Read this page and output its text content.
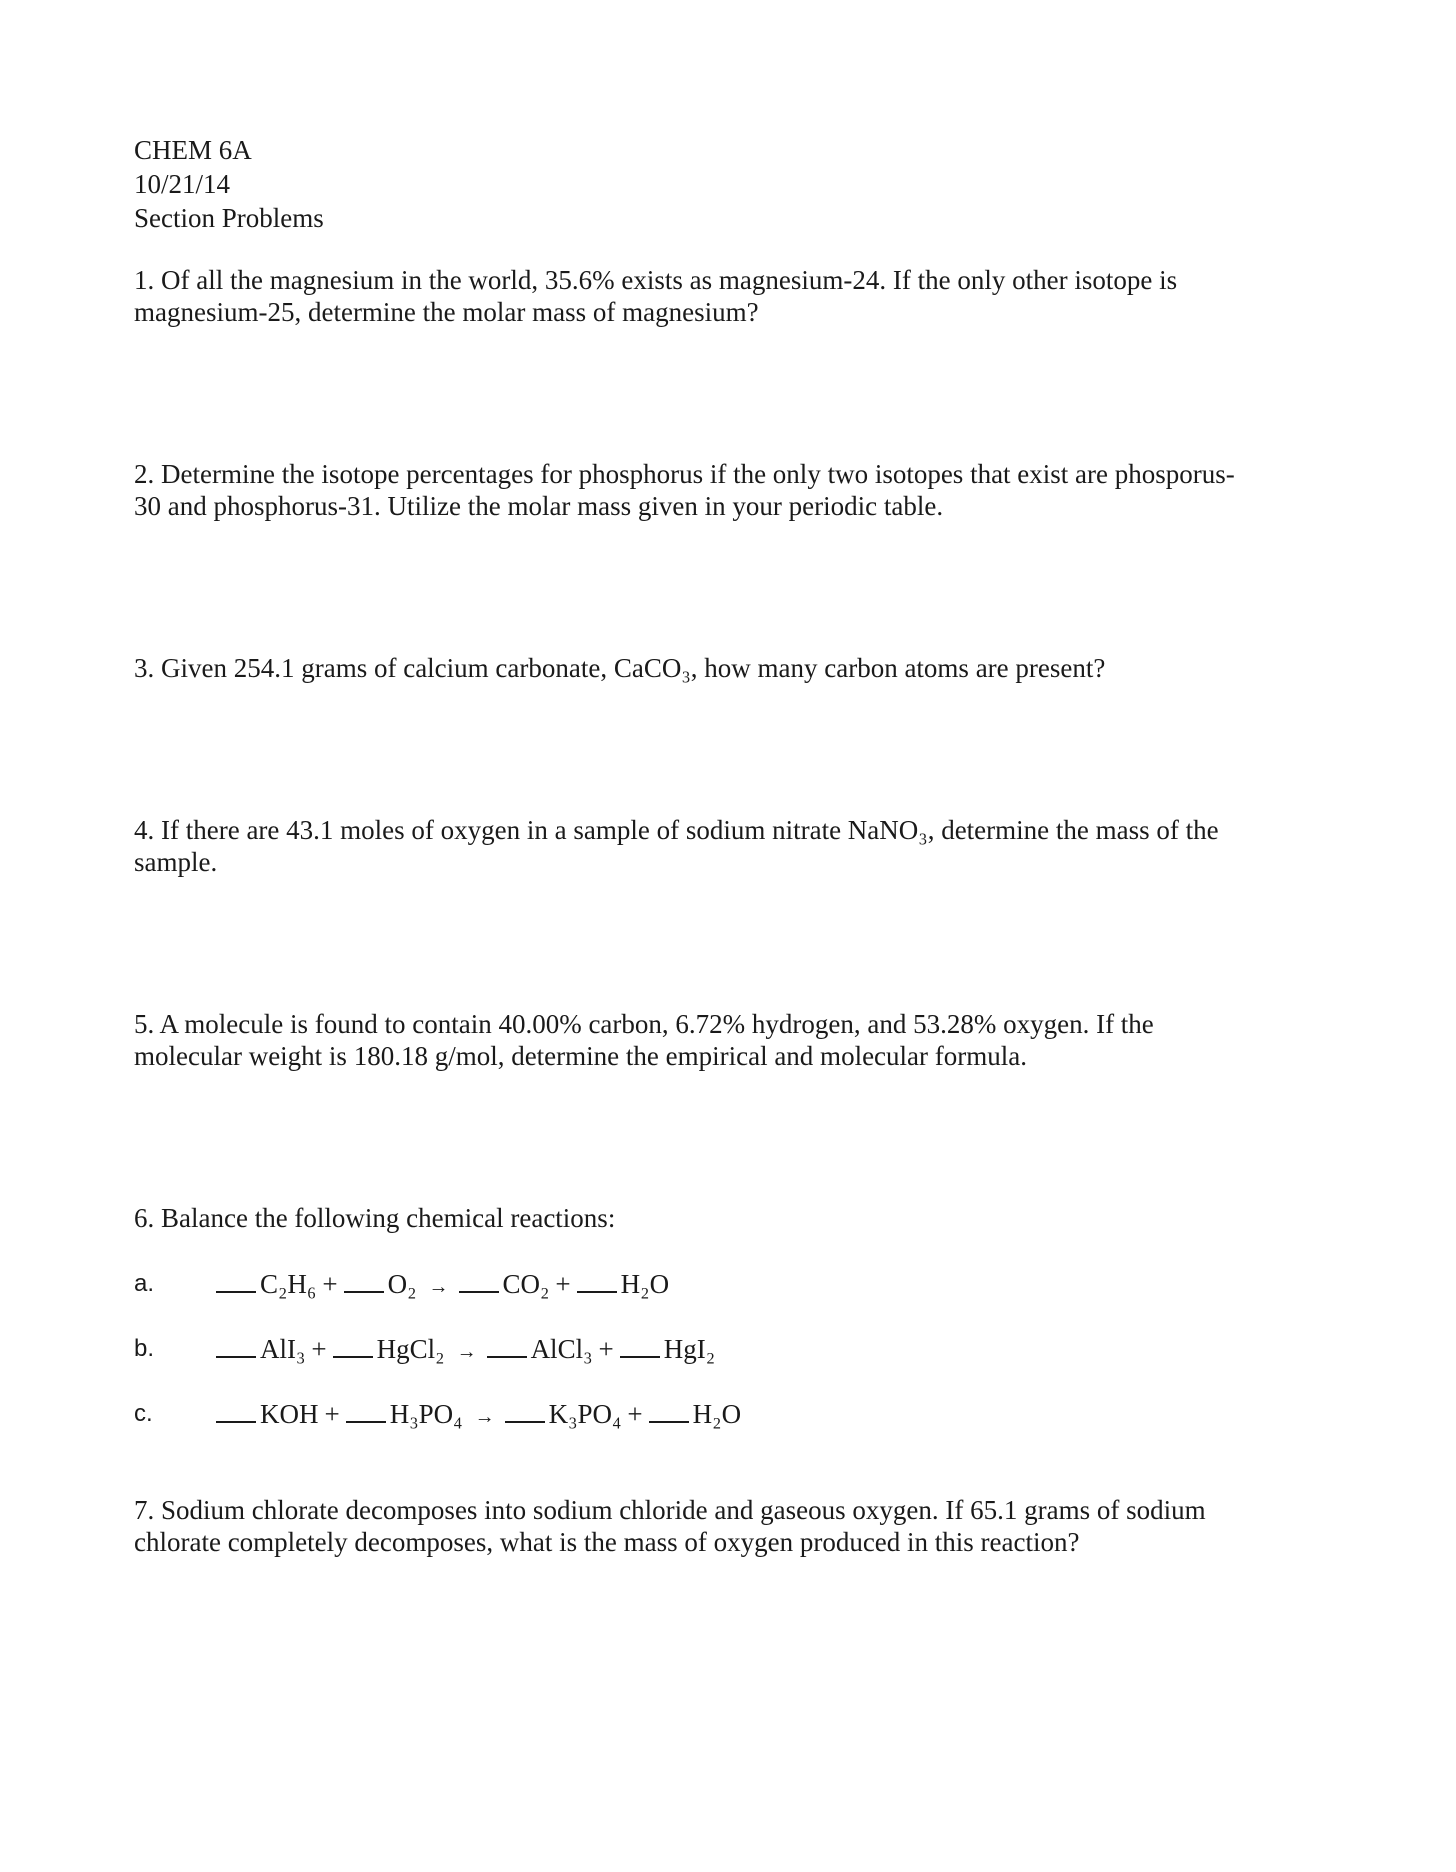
CHEM 6A
10/21/14
Section Problems
1. Of all the magnesium in the world, 35.6% exists as magnesium-24. If the only other isotope is
magnesium-25, determine the molar mass of magnesium?
2. Determine the isotope percentages for phosphorus if the only two isotopes that exist are phosporus-
30 and phosphorus-31. Utilize the molar mass given in your periodic table.
3. Given 254.1 grams of calcium carbonate, CaCO₃, how many carbon atoms are present?
4. If there are 43.1 moles of oxygen in a sample of sodium nitrate NaNO₃, determine the mass of the
sample.
5. A molecule is found to contain 40.00% carbon, 6.72% hydrogen, and 53.28% oxygen. If the
molecular weight is 180.18 g/mol, determine the empirical and molecular formula.
6. Balance the following chemical reactions:
a.	C₂H₆ + O₂ → CO₂ + H₂O
b.	AlI₃ + HgCl₂ → AlCl₃ + HgI₂
c.	KOH + H₃PO₄ → K₃PO₄ + H₂O
7. Sodium chlorate decomposes into sodium chloride and gaseous oxygen. If 65.1 grams of sodium
chlorate completely decomposes, what is the mass of oxygen produced in this reaction?
